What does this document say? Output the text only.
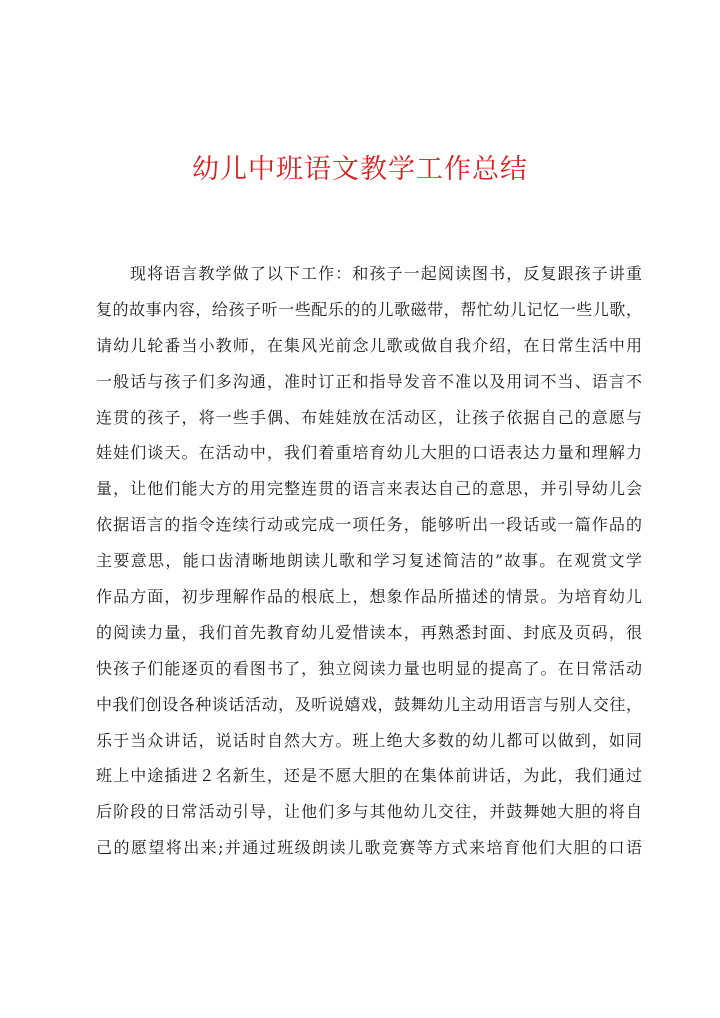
幼儿中班语文教学工作总结
现将语言教学做了以下工作：和孩子一起阅读图书，反复跟孩子讲重
复的故事内容，给孩子听一些配乐的的儿歌磁带，帮忙幼儿记忆一些儿歌，
请幼儿轮番当小教师，在集风光前念儿歌或做自我介绍，在日常生活中用
一般话与孩子们多沟通，准时订正和指导发音不准以及用词不当、语言不
连贯的孩子，将一些手偶、布娃娃放在活动区，让孩子依据自己的意愿与
娃娃们谈天。在活动中，我们着重培育幼儿大胆的口语表达力量和理解力
量，让他们能大方的用完整连贯的语言来表达自己的意思，并引导幼儿会
依据语言的指令连续行动或完成一项任务，能够听出一段话或一篇作品的
主要意思，能口齿清晰地朗读儿歌和学习复述简洁的”故事。在观赏文学
作品方面，初步理解作品的根底上，想象作品所描述的情景。为培育幼儿
的阅读力量，我们首先教育幼儿爱惜读本，再熟悉封面、封底及页码，很
快孩子们能逐页的看图书了，独立阅读力量也明显的提高了。在日常活动
中我们创设各种谈话活动，及听说嬉戏，鼓舞幼儿主动用语言与别人交往，
乐于当众讲话，说话时自然大方。班上绝大多数的幼儿都可以做到，如同
班上中途插进２名新生，还是不愿大胆的在集体前讲话，为此，我们通过
后阶段的日常活动引导，让他们多与其他幼儿交往，并鼓舞她大胆的将自
己的愿望将出来;并通过班级朗读儿歌竞赛等方式来培育他们大胆的口语
